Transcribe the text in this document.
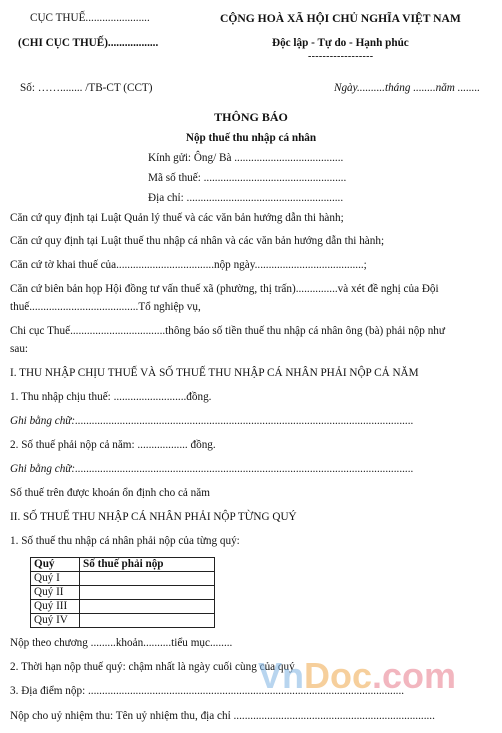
CỤC THUẾ.......................
(CHI CỤC THUẾ)..................
CỘNG HOÀ XÃ HỘI CHỦ NGHĨA VIỆT NAM
Độc lập - Tự do - Hạnh phúc
------------------
Số: ……........ /TB-CT (CCT)	Ngày..........tháng ........năm ........
THÔNG BÁO
Nộp thuế thu nhập cá nhân
Kính gửi: Ông/ Bà .......................................
Mã số thuế: ...................................................
Địa chỉ: ........................................................
Căn cứ quy định tại Luật Quản lý thuế và các văn bản hướng dẫn thi hành;
Căn cứ quy định tại Luật thuế thu nhập cá nhân và các văn bản hướng dẫn thi hành;
Căn cứ tờ khai thuế của...................................nộp ngày.......................................;
Căn cứ biên bản họp Hội đồng tư vấn thuế xã (phường, thị trấn)...............và xét đề nghị của Đội
thuế.......................................Tổ nghiệp vụ,
Chi cục Thuế..................................thông báo số tiền thuế thu nhập cá nhân ông (bà) phải nộp như
sau:
I. THU NHẬP CHỊU THUẾ VÀ SỐ THUẾ THU NHẬP CÁ NHÂN PHẢI NỘP CẢ NĂM
1. Thu nhập chịu thuế: ..........................đồng.
Ghi bằng chữ:.........................................................................................................................
2. Số thuế phải nộp cả năm: .................. đồng.
Ghi bằng chữ:.........................................................................................................................
Số thuế trên được khoán ổn định cho cả năm
II. SỐ THUẾ THU NHẬP CÁ NHÂN PHẢI NỘP TỪNG QUÝ
1. Số thuế thu nhập cá nhân phải nộp của từng quý:
Quý	Số thuế phải nộp
Quý I	
Quý II	
Quý III	
Quý IV	
Nộp theo chương .........khoản..........tiểu mục........
2. Thời hạn nộp thuế quý: chậm nhất là ngày cuối cùng của quý
3. Địa điểm nộp: .................................................................................................................
Nộp cho uỷ nhiệm thu: Tên uỷ nhiệm thu, địa chỉ ........................................................................
VnDoc.com
